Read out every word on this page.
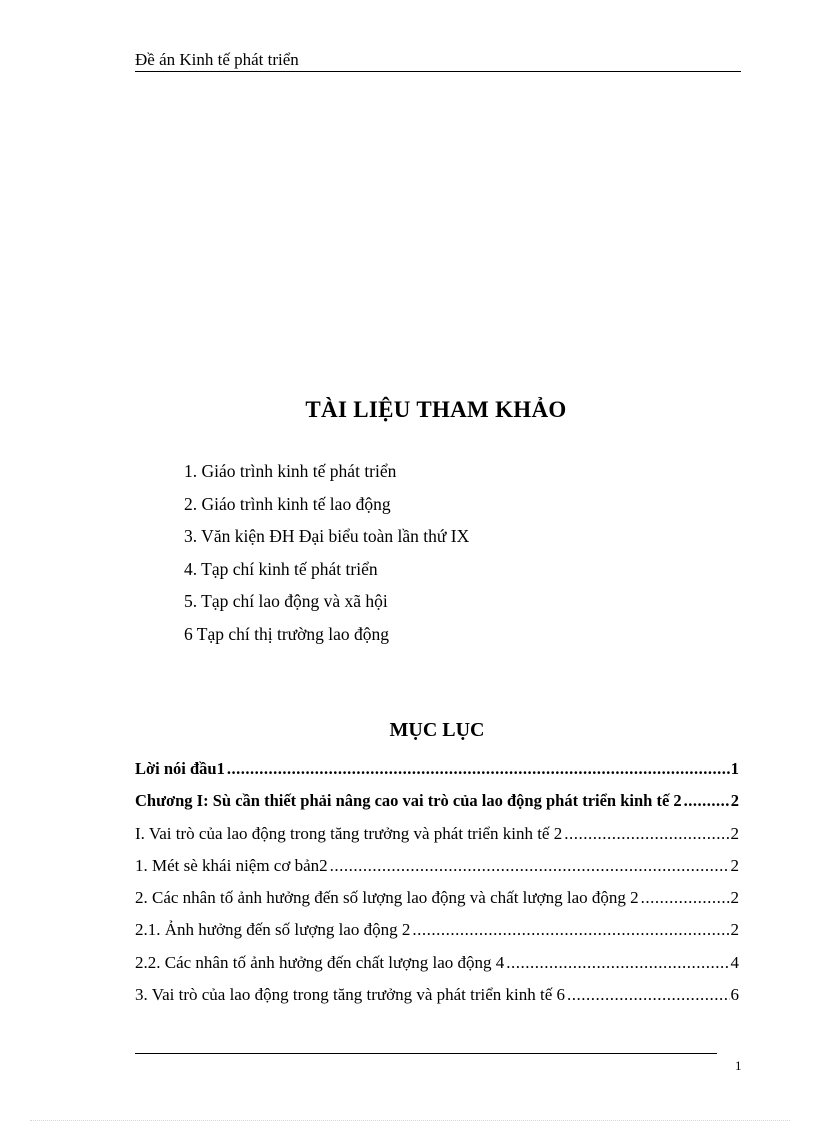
Đề án Kinh tế phát triển
TÀI LIỆU THAM KHẢO
1. Giáo trình kinh tế phát triển
2. Giáo trình kinh tế lao động
3. Văn kiện ĐH Đại biểu toàn lần thứ IX
4. Tạp chí kinh tế phát triển
5. Tạp chí lao động và xã hội
6 Tạp chí thị trường lao động
MỤC LỤC
Lời nói đầu1 .....	1
Chương I: Sù cần thiết phải nâng cao vai trò của lao động phát triển kinh tế 2 .....	2
I. Vai trò của lao động trong tăng trưởng và phát triển kinh tế 2 .....	2
1. Mét sè khái niệm cơ bản2 .....	2
2. Các nhân tố ảnh hưởng đến số lượng lao động và chất lượng lao động 2 .....	2
2.1. Ảnh hưởng đến số lượng lao động 2 .....	2
2.2. Các nhân tố ảnh hưởng đến chất lượng lao động 4 .....	4
3. Vai trò của lao động trong tăng trưởng và phát triển kinh tế 6 .....	6
1
